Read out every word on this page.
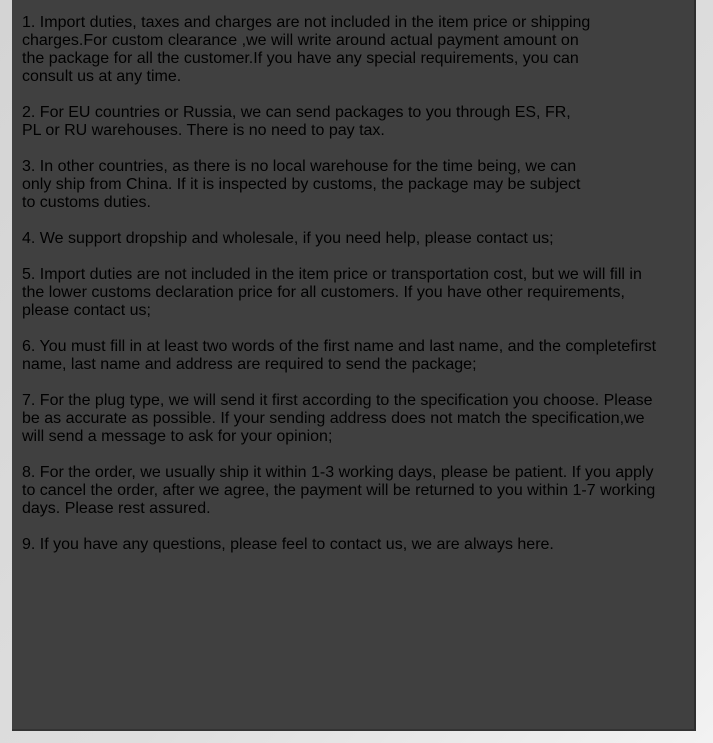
1. Import duties, taxes and charges are not included in the item price or shipping
charges.For custom clearance ,we will write around actual payment amount on
the package for all the customer.If you have any special requirements, you can
consult us at any time.

2. For EU countries or Russia, we can send packages to you through ES, FR,
PL or RU warehouses. There is no need to pay tax.

3. In other countries, as there is no local warehouse for the time being, we can
only ship from China. If it is inspected by customs, the package may be subject
to customs duties.

4. We support dropship and wholesale, if you need help, please contact us;

5. Import duties are not included in the item price or transportation cost, but we will fill in
the lower customs declaration price for all customers. If you have other requirements,
please contact us;

6. You must fill in at least two words of the first name and last name, and the completefirst
name, last name and address are required to send the package;

7. For the plug type, we will send it first according to the specification you choose. Please
be as accurate as possible. If your sending address does not match the specification,we
will send a message to ask for your opinion;

8. For the order, we usually ship it within 1-3 working days, please be patient. If you apply
to cancel the order, after we agree, the payment will be returned to you within 1-7 working
days. Please rest assured.

9. If you have any questions, please feel to contact us, we are always here.
